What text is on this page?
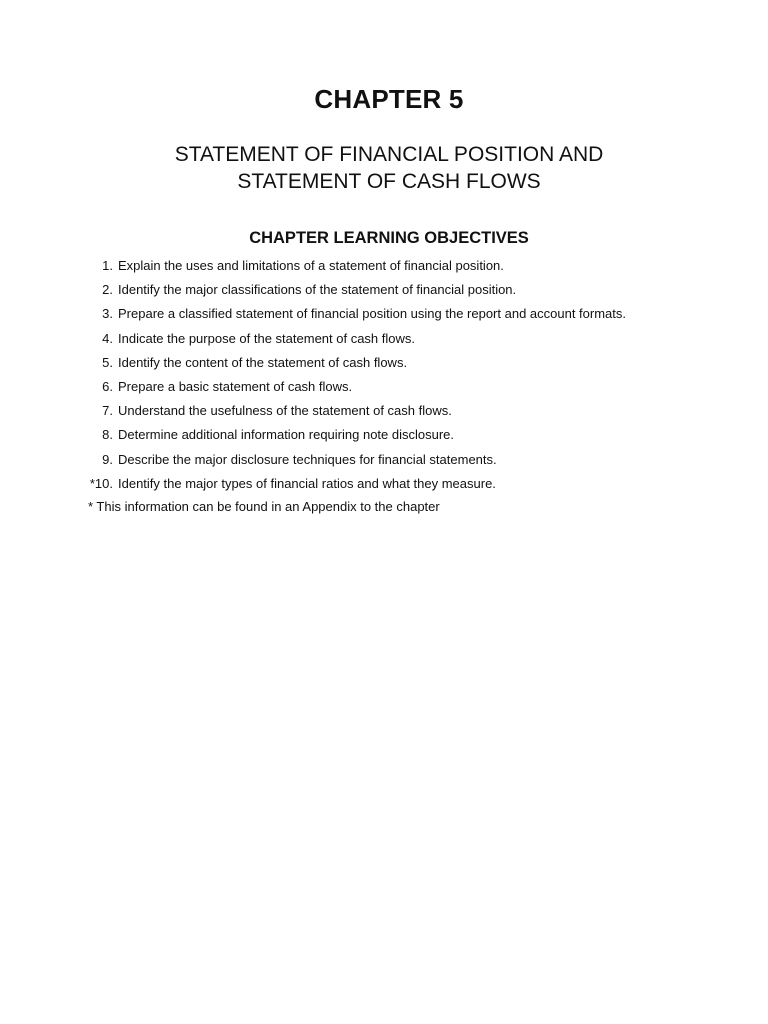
CHAPTER 5
STATEMENT OF FINANCIAL POSITION AND
STATEMENT OF CASH FLOWS
CHAPTER LEARNING OBJECTIVES
1. Explain the uses and limitations of a statement of financial position.
2. Identify the major classifications of the statement of financial position.
3. Prepare a classified statement of financial position using the report and account formats.
4. Indicate the purpose of the statement of cash flows.
5. Identify the content of the statement of cash flows.
6. Prepare a basic statement of cash flows.
7. Understand the usefulness of the statement of cash flows.
8. Determine additional information requiring note disclosure.
9. Describe the major disclosure techniques for financial statements.
*10. Identify the major types of financial ratios and what they measure.

* This information can be found in an Appendix to the chapter
